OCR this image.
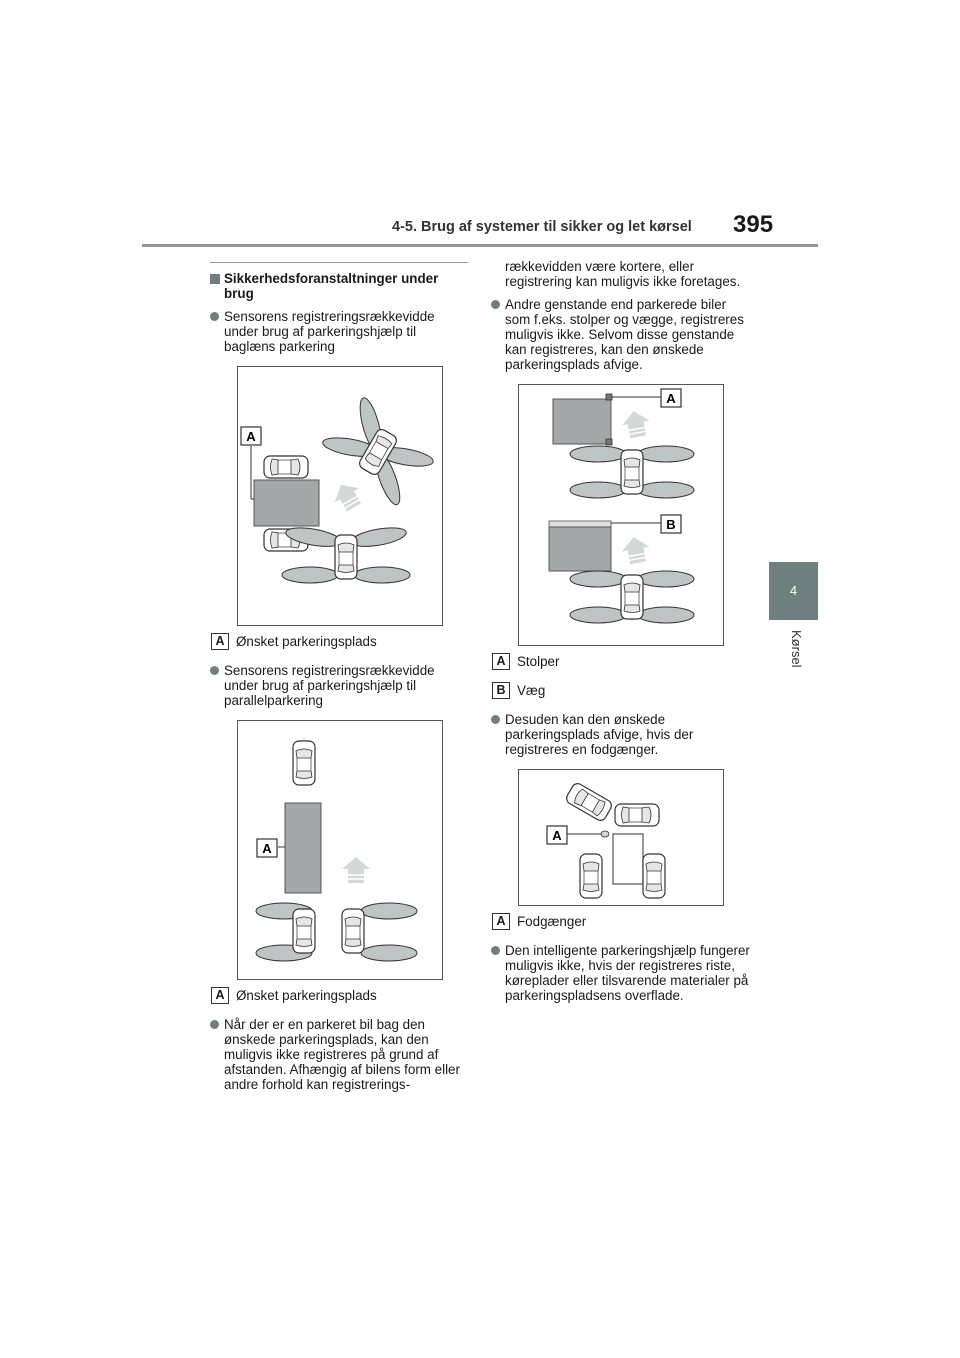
4-5. Brug af systemer til sikker og let kørsel 395
4
Kørsel
Sikkerhedsforanstaltninger under brug
Sensorens registreringsrækkevidde under brug af parkeringshjælp til baglæns parkering
A
A Ønsket parkeringsplads
Sensorens registreringsrækkevidde under brug af parkeringshjælp til parallelparkering
A
A Ønsket parkeringsplads
Når der er en parkeret bil bag den ønskede parkeringsplads, kan den muligvis ikke registreres på grund af afstanden. Afhængig af bilens form eller andre forhold kan registrerings-
rækkevidden være kortere, eller registrering kan muligvis ikke foretages.
Andre genstande end parkerede biler som f.eks. stolper og vægge, registreres muligvis ikke. Selvom disse genstande kan registreres, kan den ønskede parkeringsplads afvige.
A
B
A Stolper
B Væg
Desuden kan den ønskede parkeringsplads afvige, hvis der registreres en fodgænger.
A
A Fodgænger
Den intelligente parkeringshjælp fungerer muligvis ikke, hvis der registreres riste, køreplader eller tilsvarende materialer på parkeringspladsens overflade.
